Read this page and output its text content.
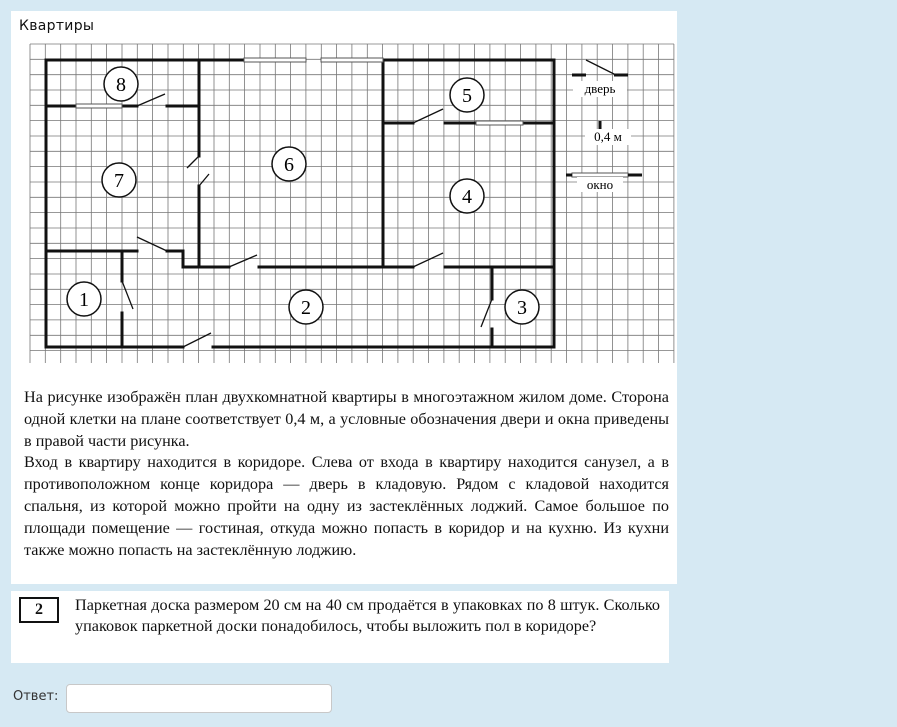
Квартиры
8
7
6
5
4
1	2	3
дверь
0,4 м
окно

На рисунке изображён план двухкомнатной квартиры в многоэтажном жилом доме. Сторона одной клетки на плане соответствует 0,4 м, а условные обозначения двери и окна приведены в правой части рисунка.

Вход в квартиру находится в коридоре. Слева от входа в квартиру находится санузел, а в противоположном конце коридора — дверь в кладовую. Рядом с кладовой находится спальня, из которой можно пройти на одну из застеклённых лоджий. Самое большое по площади помещение — гостиная, откуда можно попасть в коридор и на кухню. Из кухни также можно попасть на застеклённую лоджию.

2	Паркетная доска размером 20 см на 40 см продаётся в упаковках по 8 штук. Сколько упаковок паркетной доски понадобилось, чтобы выложить пол в коридоре?
Ответ:
